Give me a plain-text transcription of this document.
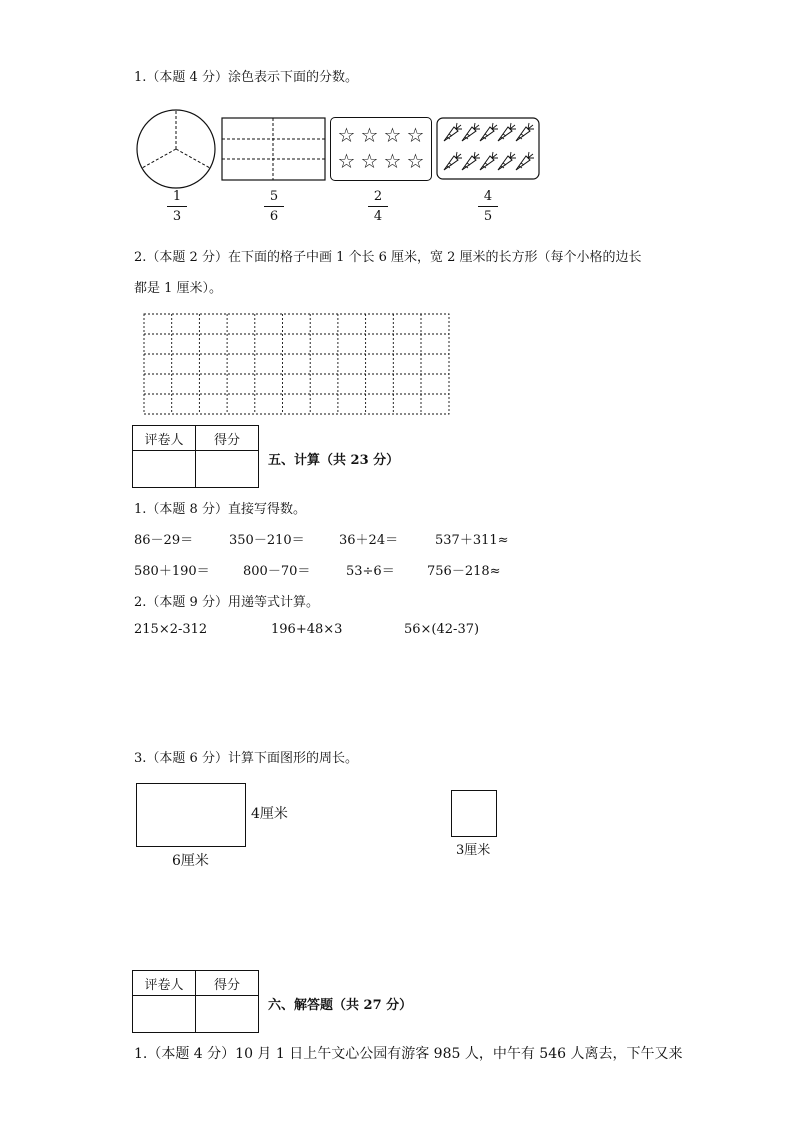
1.（本题 4 分）涂色表示下面的分数。
☆ ☆ ☆ ☆
☆ ☆ ☆ ☆
1
3
5
6
2
4
4
5
2.（本题 2 分）在下面的格子中画 1 个长 6 厘米，宽 2 厘米的长方形（每个小格的边长
都是 1 厘米）。
评卷人	得分

五、计算（共 23 分）
1.（本题 8 分）直接写得数。
86－29＝	350－210＝	36＋24＝	537＋311≈
580＋190＝	800－70＝	53÷6＝ 756－218≈
2.（本题 9 分）用递等式计算。
215×2-312	196+48×3	56×(42-37)
3.（本题 6 分）计算下面图形的周长。
4厘米
6厘米
3厘米
评卷人	得分

六、解答题（共 27 分）
1.（本题 4 分）10 月 1 日上午文心公园有游客 985 人，中午有 546 人离去，下午又来
